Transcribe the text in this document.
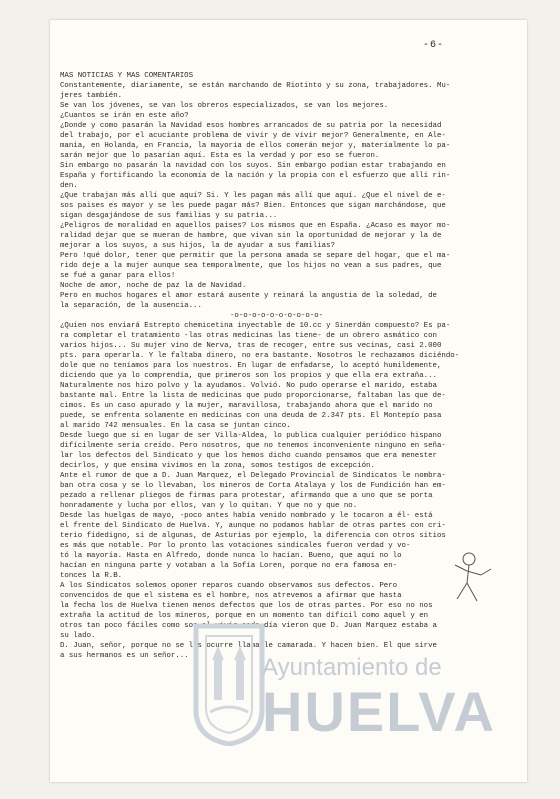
-6-
MAS NOTICIAS Y MAS COMENTARIOS
Constantemente, diariamente, se están marchando de Riotinto y su zona, trabajadores. Mu-
jeres también.
Se van los jóvenes, se van los obreros especializados, se van los mejores.
¿Cuantos se irán en este año?
¿Donde y como pasarán la Navidad esos hombres arrancados de su patria por la necesidad
del trabajo, por el acuciante problema de vivir y de vivir mejor? Generalmente, en Ale-
mania, en Holanda, en Francia, la mayoría de ellos comerán mejor y, materialmente lo pa-
sarán mejor que lo pasarían aquí. Esta es la verdad y por eso se fueron.
Sin embargo no pasarán la navidad con los suyos. Sin embargo podían estar trabajando en
España y fortificando la economía de la nación y la propia con el esfuerzo que allí rin-
den.
¿Que trabajan más allí que aquí? Si. Y les pagan más allí que aquí. ¿Que el nivel de e-
sos paises es mayor y se les puede pagar más? Bien. Entonces que sigan marchándose, que
sigan desgajándose de sus familias y su patria...
¿Peligros de moralidad en aquellos paises? Los mismos que en España. ¿Acaso es mayor mo-
ralidad dejar que se mueran de hambre, que vivan sin la oportunidad de mejorar y la de
mejorar a los suyos, a sus hijos, la de ayudar a sus familias?
Pero !qué dolor, tener que permitir que la persona amada se separe del hogar, que el ma-
rido deje a la mujer aunque sea temporalmente, que los hijos no vean a sus padres, que
se fué a ganar para ellos!
Noche de amor, noche de paz la de Navidad.
Pero en muchos hogares el amor estará ausente y reinará la angustia de la soledad, de
la separación, de la ausencia...
-o-o-o-o-o-o-o-o-o-o-
¿Quien nos enviará Estrepto chemicetina inyectable de 10.cc y Sinerdán compuesto? Es pa-
ra completar el tratamiento -las otras medicinas las tiene- de un obrero asmático con
varios hijos... Su mujer vino de Nerva, tras de recoger, entre sus vecinas, casi 2.000
pts. para operarla. Y le faltaba dinero, no era bastante. Nosotros le rechazamos diciéndo-
dole que no teníamos para los nuestros. En lugar de enfadarse, lo aceptó humildemente,
diciendo que ya lo comprendía, que primeros son los propios y que ella era extraña...
Naturalmente nos hizo polvo y la ayudamos. Volvió. No pudo operarse el marido, estaba
bastante mal. Entre la lista de medicinas que pudo proporcionarse, faltaban las que de-
cimos. Es un caso apurado y la mujer, maravillosa, trabajando ahora que el marido no
puede, se enfrenta solamente en medicinas con una deuda de 2.347 pts. El Montepío pasa
al marido 742 mensuales. En la casa se juntan cinco.
Desde luego que si en lugar de ser Villa-Aldea, lo publica cualquier periódico hispano
difícilmente sería creído. Pero nosotros, que no tenemos inconveniente ninguno en seña-
lar los defectos del Sindicato y que los hemos dicho cuando pensamos que era menester
decirlos, y que ensima vivimos en la zona, somos testigos de excepción.
Ante el rumor de que a D. Juan Marquez, el Delegado Provincial de Sindicatos le nombra-
ban otra cosa y se lo llevaban, los mineros de Corta Atalaya y los de Fundición han em-
pezado a rellenar pliegos de firmas para protestar, afirmando que a uno que se porta
honradamente y lucha por ellos, van y lo quitan. Y que no y que no.
Desde las huelgas de mayo, -poco antes había venido nombrado y le tocaron a él- está
el frente del Sindicato de Huelva. Y, aunque no podamos hablar de otras partes con cri-
terio fidedigno, sí de algunas, de Asturias por ejemplo, la diferencia con otros sitios
es más que notable. Por lo pronto las votaciones sindicales fueron verdad y vo-
tó la mayoría. Hasta en Alfredo, donde nunca lo hacían. Bueno, que aquí no lo
hacían en ninguna parte y votaban a la Sofía Loren, porque no era famosa en-
tonces la R.B.
A los Sindicatos solemos oponer reparos cuando observamos sus defectos. Pero
convencidos de que el sistema es el hombre, nos atrevemos a afirmar que hasta
la fecha los de Huelva tienen menos defectos que los de otras partes. Por eso no nos
extraña la actitud de los mineros, porque en un momento tan difícil como aquel y en
otros tan poco fáciles como son el vivir cada día vieron que D. Juan Marquez estaba a
su lado.
D. Juan, señor, porque no se les ocurre llamarle camarada. Y hacen bien. El que sirve
a sus hermanos es un señor...	Ayuntamiento de
HUELVA
